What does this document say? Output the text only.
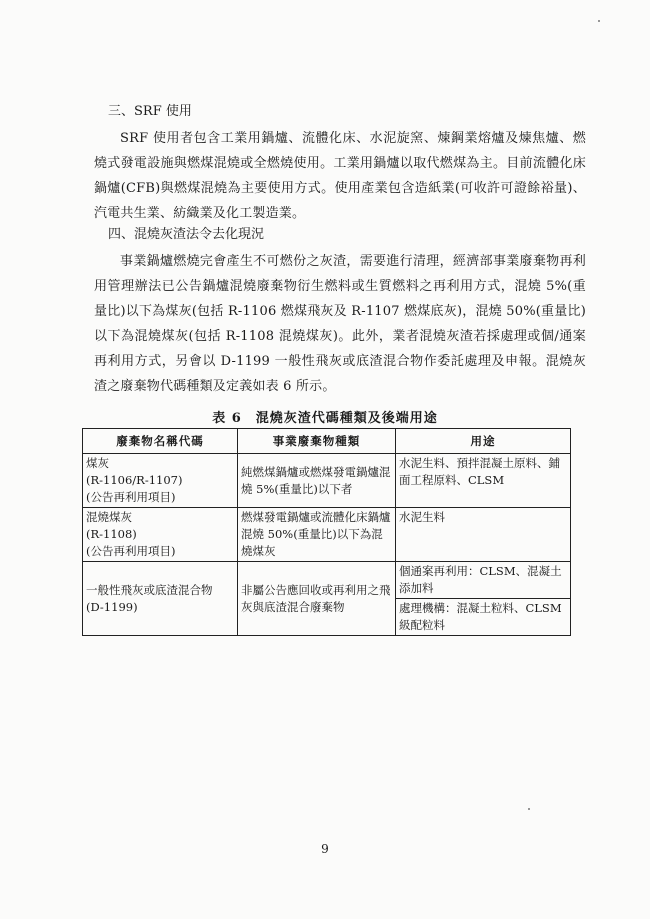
三、SRF 使用

SRF 使用者包含工業用鍋爐、流體化床、水泥旋窯、煉鋼業熔爐及煉焦爐、燃燒式發電設施與燃煤混燒或全燃燒使用。工業用鍋爐以取代燃煤為主。目前流體化床鍋爐(CFB)與燃煤混燒為主要使用方式。使用產業包含造紙業(可收許可證餘裕量)、汽電共生業、紡織業及化工製造業。

四、混燒灰渣法令去化現況

事業鍋爐燃燒完會產生不可燃份之灰渣，需要進行清理，經濟部事業廢棄物再利用管理辦法已公告鍋爐混燒廢棄物衍生燃料或生質燃料之再利用方式，混燒 5%(重量比)以下為煤灰(包括 R-1106 燃煤飛灰及 R-1107 燃煤底灰)，混燒 50%(重量比)以下為混燒煤灰(包括 R-1108 混燒煤灰)。此外，業者混燒灰渣若採處理或個/通案再利用方式，另會以 D-1199 一般性飛灰或底渣混合物作委託處理及申報。混燒灰渣之廢棄物代碼種類及定義如表 6 所示。

表 6　混燒灰渣代碼種類及後端用途
廢棄物名稱代碼	事業廢棄物種類	用途

煤灰
(R-1106/R-1107)
(公告再利用項目)	純燃煤鍋爐或燃煤發電鍋爐混燒 5%(重量比)以下者	水泥生料、預拌混凝土原料、鋪面工程原料、CLSM

混燒煤灰
(R-1108)
(公告再利用項目)	燃煤發電鍋爐或流體化床鍋爐混燒 50%(重量比)以下為混燒煤灰	水泥生料

一般性飛灰或底渣混合物
(D-1199)	非屬公告應回收或再利用之飛灰與底渣混合廢棄物	個通案再利用：CLSM、混凝土添加料
		處理機構：混凝土粒料、CLSM級配粒料
9
